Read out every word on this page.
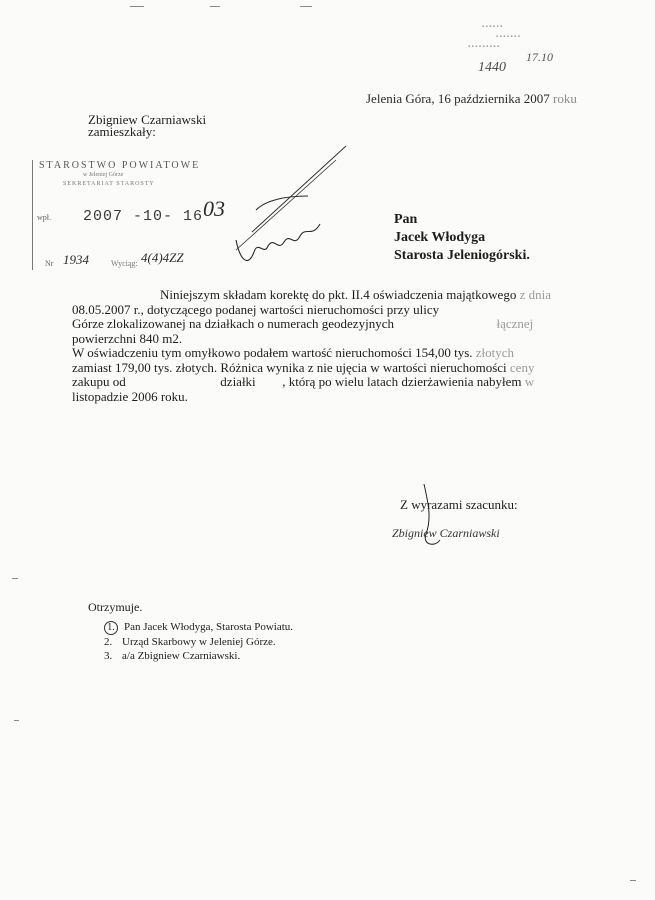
▪ ▪ ▪ ▪ ▪ ▪
▪ ▪ ▪ ▪ ▪ ▪ ▪
▪ ▪ ▪ ▪ ▪ ▪ ▪ ▪ ▪
1440
17.10
Jelenia Góra, 16 października 2007 roku
Zbigniew Czarniawski
zamieszkały:
STAROSTWO POWIATOWE
w Jeleniej Górze
SEKRETARIAT STAROSTY
wpł. 2007 -10- 16
Nr 1934	Wyciąg: 4(4)4ZZ
03	Pan
Jacek Włodyga
Starosta Jeleniogórski.

Niniejszym składam korektę do pkt. II.4 oświadczenia majątkowego z dnia

08.05.2007 r., dotyczącego podanej wartości nieruchomości przy ulicy

Górze zlokalizowanej na działkach o numerach geodezyjnych	łącznej

powierzchni 840 m2.

W oświadczeniu tym omyłkowo podałem wartość nieruchomości 154,00 tys. złotych

zamiast 179,00 tys. złotych. Różnica wynika z nie ujęcia w wartości nieruchomości ceny

zakupu od	działki , którą po wielu latach dzierżawienia nabyłem w

listopadzie 2006 roku.

Z wyrazami szacunku:
Zbigniew Czarniawski
Otrzymuje.
1. Pan Jacek Włodyga, Starosta Powiatu.
2. Urząd Skarbowy w Jeleniej Górze.
3. a/a Zbigniew Czarniawski.
